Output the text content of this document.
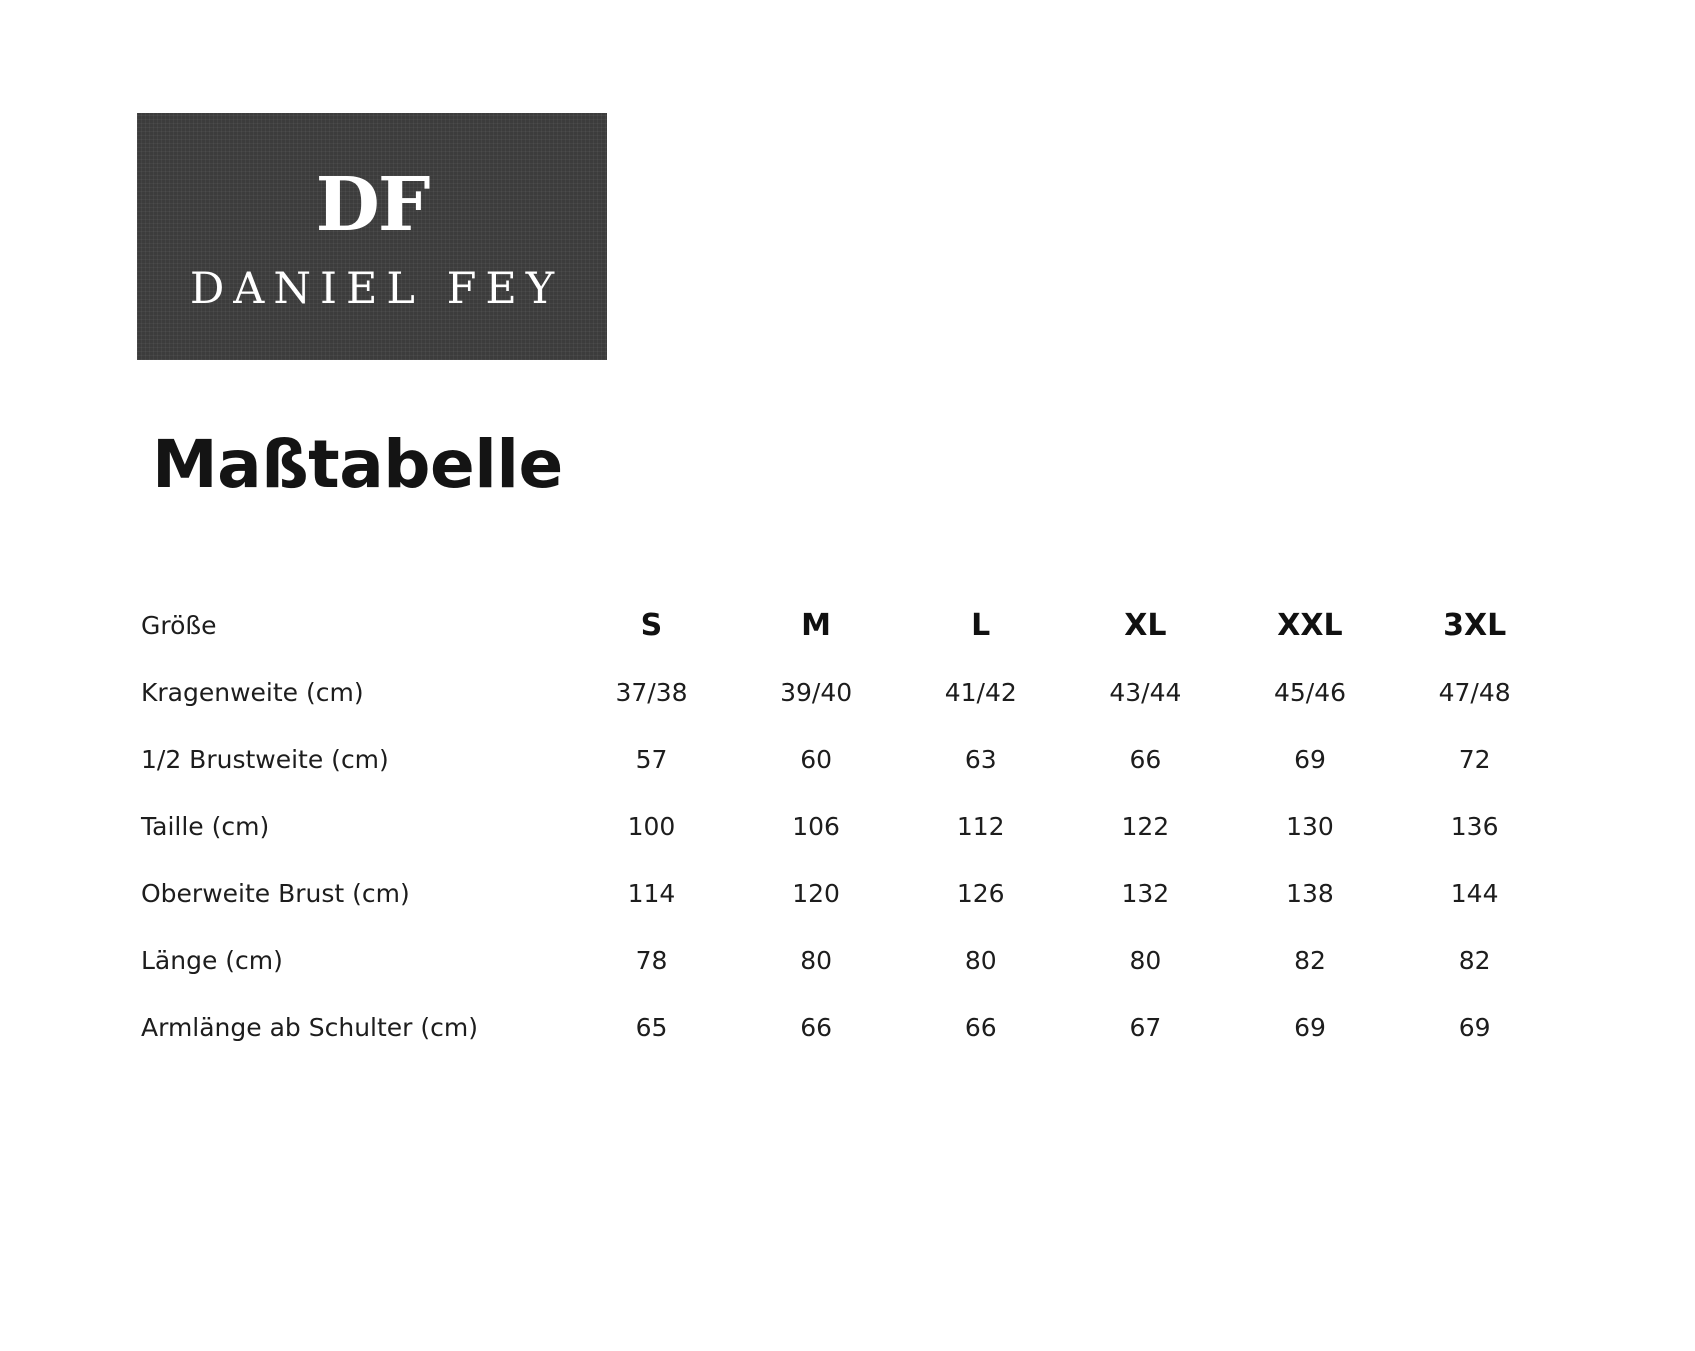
DF
DANIEL FEY
Maßtabelle
Größe	S	M	L	XL	XXL	3XL
Kragenweite (cm)	37/38	39/40	41/42	43/44	45/46	47/48
1/2 Brustweite (cm)	57	60	63	66	69	72
Taille (cm)	100	106	112	122	130	136
Oberweite Brust (cm)	114	120	126	132	138	144
Länge (cm)	78	80	80	80	82	82
Armlänge ab Schulter (cm)	65	66	66	67	69	69
